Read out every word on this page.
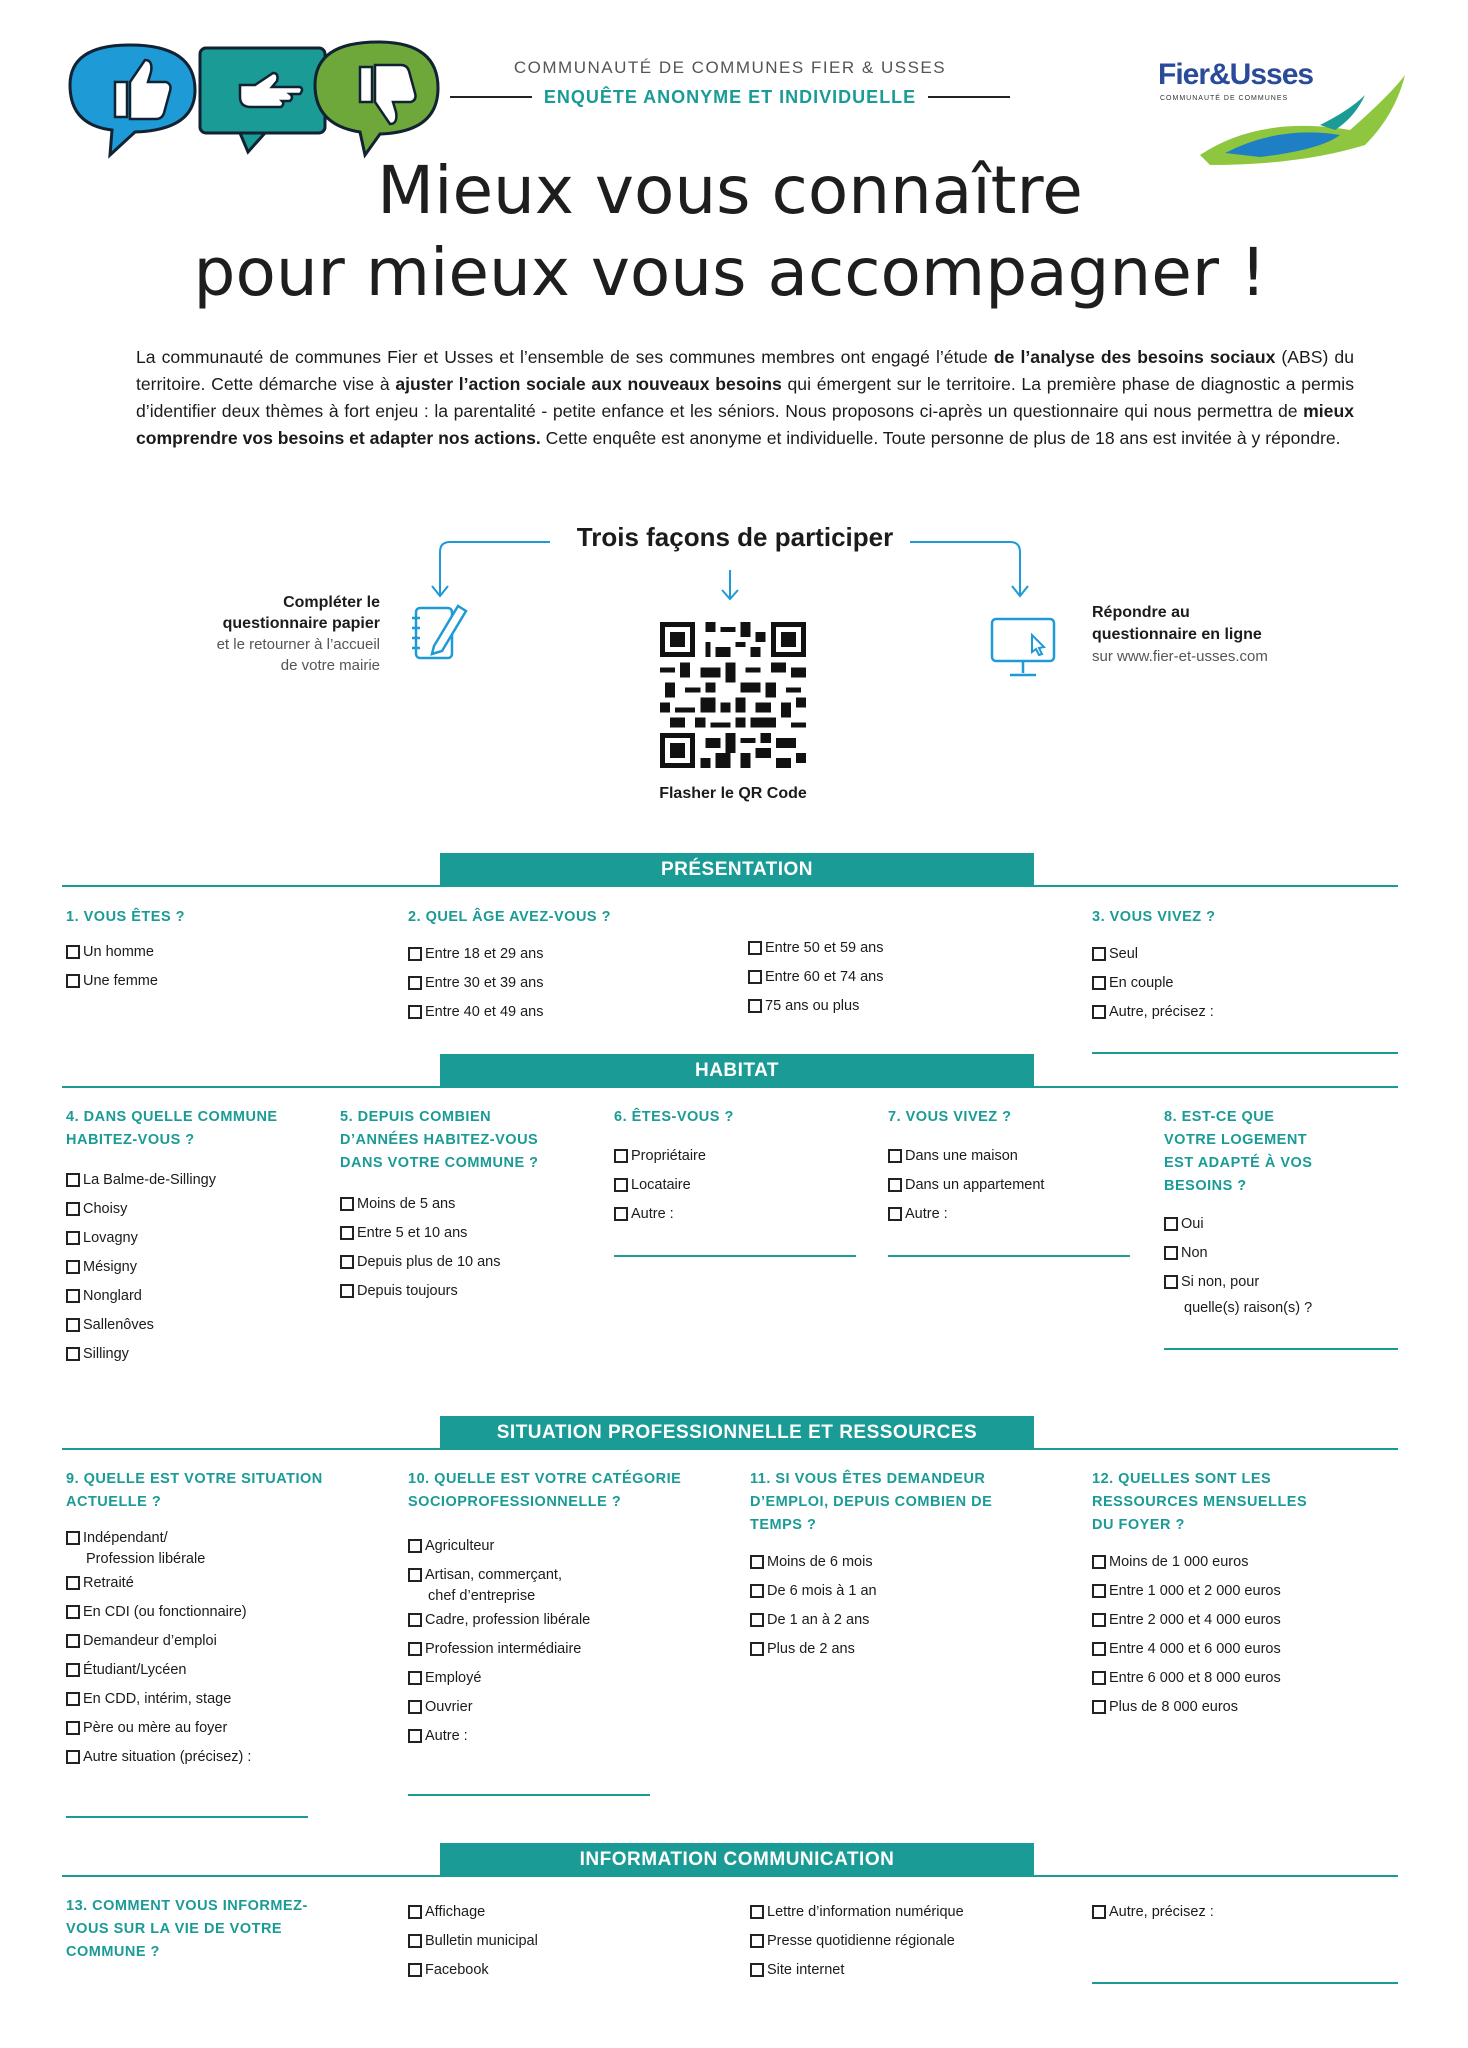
COMMUNAUTÉ DE COMMUNES FIER & USSES
ENQUÊTE ANONYME ET INDIVIDUELLE
Fier&Usses
COMMUNAUTÉ DE COMMUNES
Mieux vous connaître
pour mieux vous accompagner !
La communauté de communes Fier et Usses et l’ensemble de ses communes membres ont engagé l’étude de l’analyse des besoins sociaux (ABS) du territoire. Cette démarche vise à ajuster l’action sociale aux nouveaux besoins qui émergent sur le territoire. La première phase de diagnostic a permis d’identifier deux thèmes à fort enjeu : la parentalité - petite enfance et les séniors. Nous proposons ci-après un questionnaire qui nous permettra de mieux comprendre vos besoins et adapter nos actions. Cette enquête est anonyme et individuelle. Toute personne de plus de 18 ans est invitée à y répondre.
Trois façons de participer
Compléter le
questionnaire papier
et le retourner à l’accueil
de votre mairie
Flasher le QR Code
Répondre au
questionnaire en ligne
sur www.fier-et-usses.com
PRÉSENTATION
1. VOUS ÊTES ?
Un homme
Une femme
2. QUEL ÂGE AVEZ-VOUS ?
Entre 18 et 29 ans
Entre 30 et 39 ans
Entre 40 et 49 ans
Entre 50 et 59 ans
Entre 60 et 74 ans
75 ans ou plus
3. VOUS VIVEZ ?
Seul
En couple
Autre, précisez :
HABITAT
4. DANS QUELLE COMMUNE
HABITEZ-VOUS ?
La Balme-de-Sillingy
Choisy
Lovagny
Mésigny
Nonglard
Sallenôves
Sillingy
5. DEPUIS COMBIEN
D’ANNÉES HABITEZ-VOUS
DANS VOTRE COMMUNE ?
Moins de 5 ans
Entre 5 et 10 ans
Depuis plus de 10 ans
Depuis toujours
6. ÊTES-VOUS ?
Propriétaire
Locataire
Autre :
7. VOUS VIVEZ ?
Dans une maison
Dans un appartement
Autre :
8. EST-CE QUE
VOTRE LOGEMENT
EST ADAPTÉ À VOS
BESOINS ?
Oui
Non
Si non, pour
quelle(s) raison(s) ?
SITUATION PROFESSIONNELLE ET RESSOURCES
9. QUELLE EST VOTRE SITUATION
ACTUELLE ?
Indépendant/
Profession libérale
Retraité
En CDI (ou fonctionnaire)
Demandeur d’emploi
Étudiant/Lycéen
En CDD, intérim, stage
Père ou mère au foyer
Autre situation (précisez) :
10. QUELLE EST VOTRE CATÉGORIE
SOCIOPROFESSIONNELLE ?
Agriculteur
Artisan, commerçant,
chef d’entreprise
Cadre, profession libérale
Profession intermédiaire
Employé
Ouvrier
Autre :
11. SI VOUS ÊTES DEMANDEUR
D’EMPLOI, DEPUIS COMBIEN DE
TEMPS ?
Moins de 6 mois
De 6 mois à 1 an
De 1 an à 2 ans
Plus de 2 ans
12. QUELLES SONT LES
RESSOURCES MENSUELLES
DU FOYER ?
Moins de 1 000 euros
Entre 1 000 et 2 000 euros
Entre 2 000 et 4 000 euros
Entre 4 000 et 6 000 euros
Entre 6 000 et 8 000 euros
Plus de 8 000 euros
INFORMATION COMMUNICATION
13. COMMENT VOUS INFORMEZ-
VOUS SUR LA VIE DE VOTRE
COMMUNE ?
Affichage
Bulletin municipal
Facebook
Lettre d’information numérique
Presse quotidienne régionale
Site internet
Autre, précisez :
